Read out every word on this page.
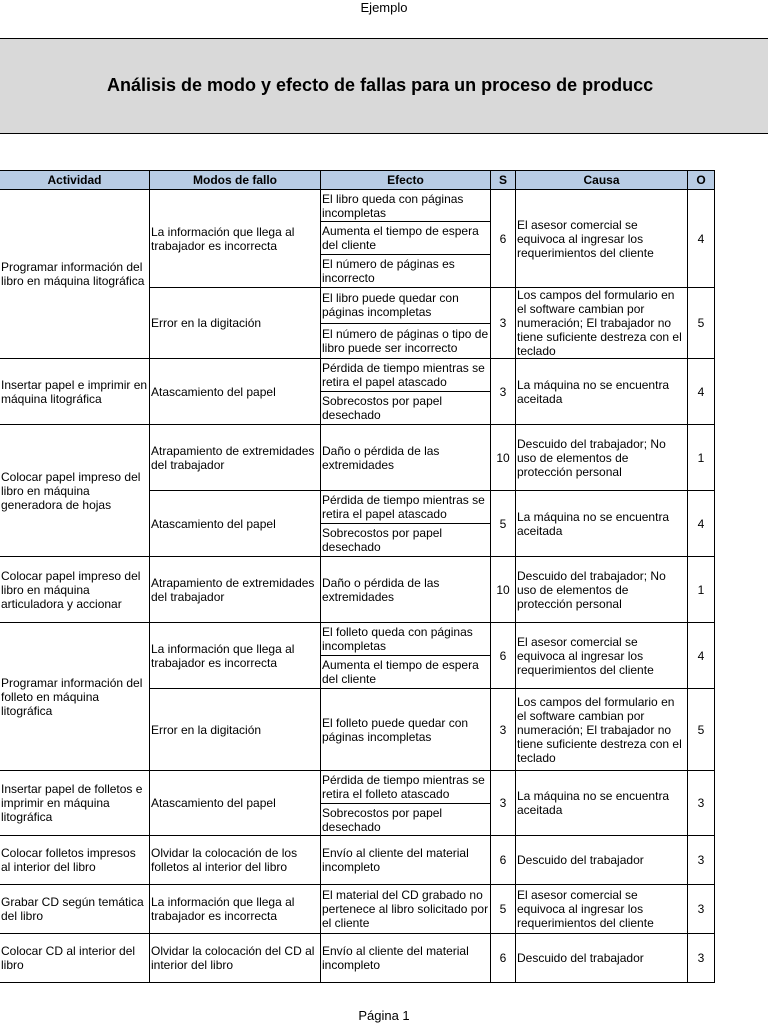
Ejemplo
Análisis de modo y efecto de fallas para un proceso de producc
Actividad	Modos de fallo	Efecto	S	Causa	O
Programar información del libro en máquina litográfica	La información que llega al trabajador es incorrecta	El libro queda con páginas incompletas	6	El asesor comercial se equivoca al ingresar los requerimientos del cliente	4
		Aumenta el tiempo de espera del cliente			
		El número de páginas es incorrecto			
	Error en la digitación	El libro puede quedar con páginas incompletas	3	Los campos del formulario en el software cambian por numeración; El trabajador no tiene suficiente destreza con el teclado	5
		El número de páginas o tipo de libro puede ser incorrecto			
Insertar papel e imprimir en máquina litográfica	Atascamiento del papel	Pérdida de tiempo mientras se retira el papel atascado	3	La máquina no se encuentra aceitada	4
		Sobrecostos por papel desechado			
Colocar papel impreso del libro en máquina generadora de hojas	Atrapamiento de extremidades del trabajador	Daño o pérdida de las extremidades	10	Descuido del trabajador; No uso de elementos de protección personal	1
	Atascamiento del papel	Pérdida de tiempo mientras se retira el papel atascado	5	La máquina no se encuentra aceitada	4
		Sobrecostos por papel desechado			
Colocar papel impreso del libro en máquina articuladora y accionar	Atrapamiento de extremidades del trabajador	Daño o pérdida de las extremidades	10	Descuido del trabajador; No uso de elementos de protección personal	1
Programar información del folleto en máquina litográfica	La información que llega al trabajador es incorrecta	El folleto queda con páginas incompletas	6	El asesor comercial se equivoca al ingresar los requerimientos del cliente	4
		Aumenta el tiempo de espera del cliente			
	Error en la digitación	El folleto puede quedar con páginas incompletas	3	Los campos del formulario en el software cambian por numeración; El trabajador no tiene suficiente destreza con el teclado	5
Insertar papel de folletos e imprimir en máquina litográfica	Atascamiento del papel	Pérdida de tiempo mientras se retira el folleto atascado	3	La máquina no se encuentra aceitada	3
		Sobrecostos por papel desechado			
Colocar folletos impresos al interior del libro	Olvidar la colocación de los folletos al interior del libro	Envío al cliente del material incompleto	6	Descuido del trabajador	3
Grabar CD según temática del libro	La información que llega al trabajador es incorrecta	El material del CD grabado no pertenece al libro solicitado por el cliente	5	El asesor comercial se equivoca al ingresar los requerimientos del cliente	3
Colocar CD al interior del libro	Olvidar la colocación del CD al interior del libro	Envío al cliente del material incompleto	6	Descuido del trabajador	3
Página 1
